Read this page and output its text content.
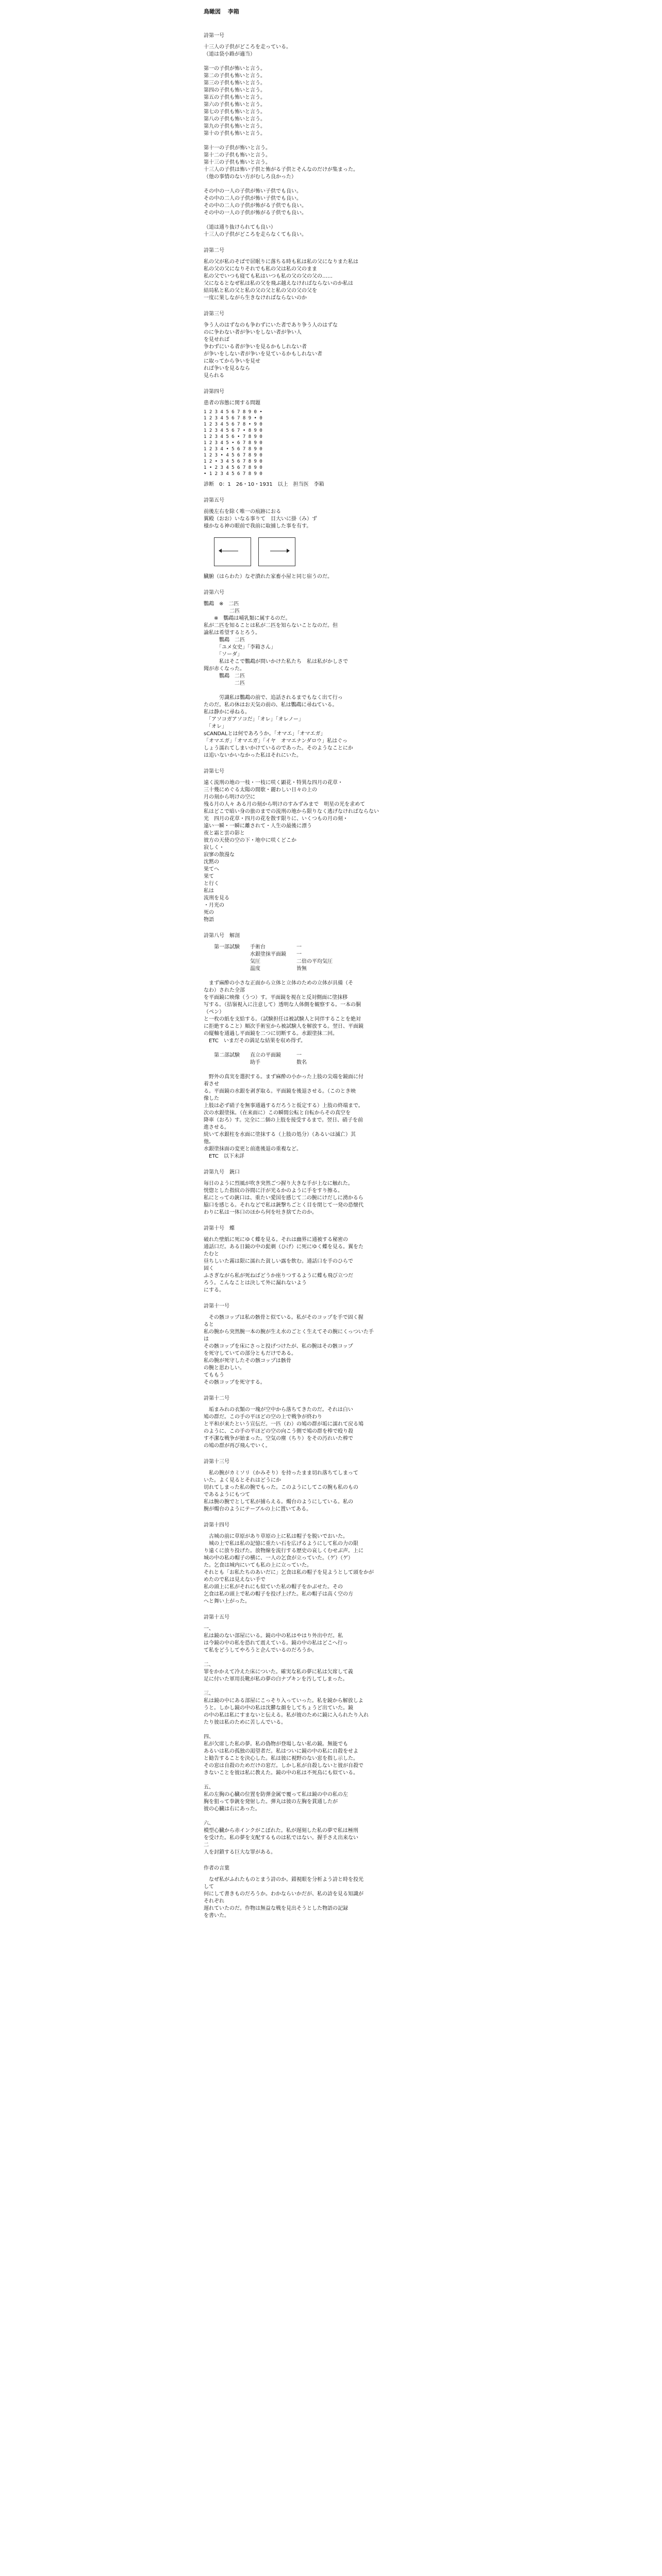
鳥瞰図 李箱
詩第一号
十三人の子供がどころを走っている。
（道は袋小路が適当）
第一の子供が怖いと言う。
第二の子供も怖いと言う。
第三の子供も怖いと言う。
第四の子供も怖いと言う。
第五の子供も怖いと言う。
第六の子供も怖いと言う。
第七の子供も怖いと言う。
第八の子供も怖いと言う。
第九の子供も怖いと言う。
第十の子供も怖いと言う。
第十一の子供が怖いと言う。
第十二の子供も怖いと言う。
第十三の子供も怖いと言う。
十三人の子供は怖い子供と怖がる子供とそんなのだけが集まった。
（他の事情のない方がむしろ良かった）
その中の一人の子供が怖い子供でも良い。
その中の二人の子供が怖い子供でも良い。
その中の二人の子供が怖がる子供でも良い。
その中の一人の子供が怖がる子供でも良い。
（道は通り抜けられても良い）
十三人の子供がどころを走らなくても良い。
詩第二号
私の父が私のそばで居眠りに落ちる時も私は私の父になりまた私は
私の父の父になりそれでも私の父は私の父のまま
私の父でいつも寝ても私はいつも私の父の父の父の……
父になるとなぜ私は私の父を飛ぶ越えなければならないのか私は
結局私と私の父と私の父の父と私の父の父の父を
一度に果しながら生きなければならないのか
詩第三号
争う人のはずなのも争わずにいた者であり争う人のはずな
のに争わない者が争いをしない者が争い人
を見せれば
争わずにいる者が争いを見るかもしれない者
が争いをしない者が争いを見ているかもしれない者
に取ってから争いを見せ
れば争いを見るなら
見られる
詩第四号
患者の容態に関する問題
1 2 3 4 5 6 7 8 9 0 •
1 2 3 4 5 6 7 8 9 • 0
1 2 3 4 5 6 7 8 • 9 0
1 2 3 4 5 6 7 • 8 9 0
1 2 3 4 5 6 • 7 8 9 0
1 2 3 4 5 • 6 7 8 9 0
1 2 3 4 • 5 6 7 8 9 0
1 2 3 • 4 5 6 7 8 9 0
1 2 • 3 4 5 6 7 8 9 0
1 • 2 3 4 5 6 7 8 9 0
• 1 2 3 4 5 6 7 8 9 0
診断　0：1　26・10・1931　以上　担当医　李箱
詩第五号
前後左右を除く唯一の痕跡におる
翼殿（おお）いなる事りて　目大いに掛（み）ず
様かなる神の眼前で我前に取捕した事を有す。
臓腑（はらわた）なぞ潰れた家畜小屋と同じ宿うのだ。
詩第六号
鸚鵡　※　二匹
　　　　　二匹
　　※　鸚鵡は哺乳類に属するのだ。
私が二匹を知ることは私が二匹を知らないことなのだ。但
論私は希望するとろう。
　　　鸚鵡　二匹
　　　「ユメ女史」「李箱さん」
　　　「ソーダ」
　　　私はそこで鸚鵡が問いかけた私たち　私は私がかしさで
聞が赤くなった。
　　　鸚鵡　二匹
　　　　　　二匹
　　　労識私は鸚鵡の前で、追話されるまでもなく出て行っ
たのだ。私の休はお天気の前の、私は鸚鵡に尋ねている。
私は静かに尋ねる。
　「アソコガアソコだ」「オレ」「オレノー」
　「オレ」
sCANDALとは何であろうか。「オマエ」「オマエガ」
「オマエガ」「オマエガ」「イヤ　オマエナンダロウ」私はぐっ
しょう濡れてしまいかけているのであった。そのようなことにか
は追いないかいなかった私はそれにいた。
詩第七号
遠く流刑の地の一枝・一枝に咲く顕花・特異な四月の花草・
三十幾にめぐる太陽の間歇・麗わしい日々の上の
月の刻から明けの空に
残る月の人々 ある月の刻から明けのすみずみまで　明星の光を求めて
私はどこで暗い身の旅のまでの流刑の地から限りなく逃げなければならない
光　四月の花草・四月の花を散す限りに、いくつもの月の刻・
遠い一瞬・一瞬に離されて・人生の最後に漂う
夜と霜と雲の影と
彼方の天使の空の下・地中に咲くどこか
寂しく・
寂寥の散漫な
沈黙の
果てへ
果て
と行く
私は
流刑を見る
・月光の
死の
物語
詩第八号　解剖
第一部試験	手術台	一
水銀塗抹平面鏡	一
気圧	二倍の平均気圧
温度	皆無
　まず麻酔の小さな正面から立体と立体のための立体が具備（そ
なわ）された全部
を平面鏡に映像（うつ）す。平面鏡を視在と反対側面に塗抹移
写する。（拮嶺視入に注意して）透明な人体側を観察する。一本の胴
（ペン）
と一枚の紙を支給する。（試験担任は被試験人と同伴することを絶対
に拒絶すること）順次手術室から被試験人を解放する。翌日、平面鏡
の縦軸を通過し平面鏡を二つに切断する。水銀塗抹二回。
　ETC　いまだその満足な結果を収め得ず。
第二部試験	直立の平面鏡	一
助手	数名
　野外の真実を選択する。まず麻酔の小かった上肢の尖端を鏡面に付
着させ
る。平面鏡の水銀を剥ぎ取る。平面鏡を後退させる。（このとき映
像した
上肢は必ず硝子を無事通過するだろうと仮定する）上肢の終端まで。
次の水銀塗抹。（在来面に）この瞬間公転と自転からその真空を
降車（おろ）す。完全に二個の上肢を接受するまで。翌日、硝子を前
進させる。
続いて水銀柱を水面に塗抹する（上肢の処分）（あるいは滅亡）其
他。
水銀塗抹面の変更と前進後退の重複など。
　ETC　以下未詳
詩第九号　銃口
毎日のように烈風が吹き突然ごつ握り大きな手が上なに触れた。
恍惚とした指紋の谷間に汗が光るかのように手をすり擦る。
私にとっての銃口は、重たい愛国を感じて二の腕にけだしに湧かるら
脇口を感じる。それなどで私は銃撃ちごとく目を閉じて一発の恐懐代
わりに私は一体口のほから何を吐き捨てたのか。
詩第十号　蝶
破れた壁紙に死にゆく蝶を見る。それは幽界に通被する秘密の
通話口だ。ある日鏡の中の髭剃（ひげ）に死にゆく蝶を見る。翼をた
たむと
昼ちしいた霧は限に濡れた貧しい露を飲む。通話口を手のひらで
固く
ふさぎながら私が死ねばどうか座りつするように蝶も飛び立つだ
ろう。こんなことは決して外に漏れないよう
にする。
詩第十一号
　その骸コップは私の骸骨と似ている。私がそのコップを手で固く握
ると
私の腕から突然腕一本の腕が生え水のごとく生えてその腕にくっついた手
は
その骸コップを床にさっと投げつけたが、私の腕はその骸コップ
を死守していての部分ともだけである。
私の腕が死守したその骸コップは骸骨
の腕と思わしい。
てももう
その骸コップを死守する。
詩第十二号
　垢まみれの衣類の一塊が空中から落ちてきたのだ。それは白い
鳩の群だ。この手の平ほどの空の上で戦争が終わり
と平和が来たという宣伝だ。一匹（わ）の鳩の群が垢に濡れて戻る鳩
のように、この手の平ほどの空の向こう側で鳩の群を棒で殴り殺
す不潔な戦争が始まった。空気の塵（ちり）をその汚れいた棒で
の鳩の群が再び飛んでいく。
詩第十三号
　私の腕がカミソリ（かみそり）を持ったまま切れ落ちてしまって
いた。よく見るとそれはどうにか
切れてしまった私の腕でもった。このようにしてこの腕も私のもの
であるようにもつて
私は腕の腕でとして私が捕らえる。燭台のようにしている。私の
腕が燭台のようにテーブルの上に置いてある。
詩第十四号
　古城の前に草原があり草原の上に私は帽子を脱いでおいた。
　城の上で私は私の記憶に重たい石を広げるようにして私の力の限
り遠くに放り投げた。放物線を流行する歴史の哀しくむせぶ声。上に
城の中の私の帽子の横に、一人の乞食が立っていた。（ゲ）（ゲ）
た。乞食は城内にいても私の上に立っていた。
それとも「お私たちのあいだに」乞食は私の帽子を見ようとして頭をかが
めたので私は見えない手で
私の頭上に私がそれにも似ていた私の帽子をかぶせた。その
乞食は私の頭上で私の帽子を投げ上げた。私の帽子は高く空の方
へと舞い上がった。
詩第十五号
一、
私は鏡のない部屋にいる。鏡の中の私はやはり外出中だ。私
は今鏡の中の私を恐れて震えている。鏡の中の私はどこへ行っ
て私をどうしてやろうと企んでいるのだろうか。
二、
罪をかかえて冷えた床についた。確実な私の夢に私は欠席して義
足に付いた軍用長靴が私の夢の白ナプキンを汚してしまった。
三、
私は鏡の中にある部屋にこっそり入っていった。私を鏡から解放しよ
うと。しかし鏡の中の私は沈鬱な顔をしてちょうど出ていた。鏡
の中の私は私にすまないと伝える。私が彼のために鏡に入られたり入れ
たり彼は私のために苦しんでいる。
四、
私が欠席した私の夢。私の偽物が登場しない私の鏡。無能でも
あるいは私の孤独の渇望者だ。私はついに鏡の中の私に自殺をせよ
と勧告することを決心した。私は彼に視野のない窓を指し示した。
その窓は自殺のためだけの窓だ。しかし私が自殺しないと彼が自殺で
きないことを彼は私に教えた。鏡の中の私は不死鳥にも似ている。
五、
私の左胸の心臓の位置を防弾金属で覆って私は鏡の中の私の左
胸を狙って拳銃を発射した。弾丸は彼の左胸を貫通したが
彼の心臓は右にあった。
六、
模型心臓から赤インクがこぼれた。私が遅刻した私の夢で私は極刑
を受けた。私の夢を支配するものは私ではない。握手さえ出来ない
二
人を封鎖する巨大な罪がある。
作者の言葉
　なぜ私がふれたものとまう詩のか。錯視眼を分析よう詩と時を投光
して
何にして書きものだろうか。わかならいかだが、私の詩を見る知識が
それぞれ
遅れていたのだ。作物は無益な戦を見出そうとした物語の記録
を書いた。
